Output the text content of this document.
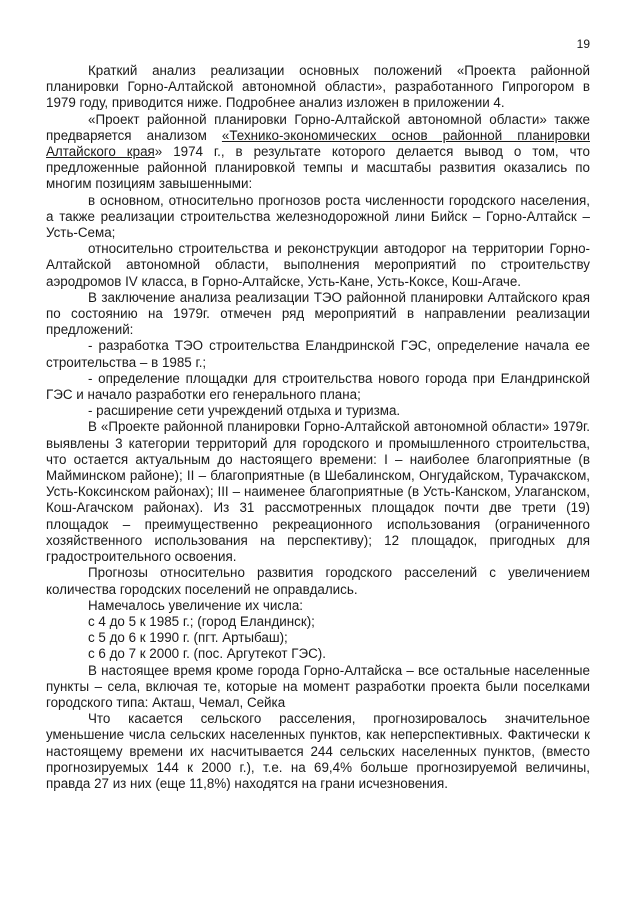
19

Краткий анализ реализации основных положений «Проекта районной планировки Горно-Алтайской автономной области», разработанного Гипрогором в 1979 году, приводится ниже. Подробнее анализ изложен в приложении 4.

«Проект районной планировки Горно-Алтайской автономной области» также предваряется анализом «Технико-экономических основ районной планировки Алтайского края» 1974 г., в результате которого делается вывод о том, что предложенные районной планировкой темпы и масштабы развития оказались по многим позициям завышенными:

в основном, относительно прогнозов роста численности городского населения, а также реализации строительства железнодорожной лини Бийск – Горно-Алтайск – Усть-Сема;

относительно строительства и реконструкции автодорог на территории Горно-Алтайской автономной области, выполнения мероприятий по строительству аэродромов IV класса, в Горно-Алтайске, Усть-Кане, Усть-Коксе, Кош-Агаче.

В заключение анализа реализации ТЭО районной планировки Алтайского края по состоянию на 1979г. отмечен ряд мероприятий в направлении реализации предложений:

- разработка ТЭО строительства Еландринской ГЭС, определение начала ее строительства – в 1985 г.;

- определение площадки для строительства нового города при Еландринской ГЭС и начало разработки его генерального плана;

- расширение сети учреждений отдыха и туризма.

В «Проекте районной планировки Горно-Алтайской автономной области» 1979г. выявлены 3 категории территорий для городского и промышленного строительства, что остается актуальным до настоящего времени: I – наиболее благоприятные (в Майминском районе); II – благоприятные (в Шебалинском, Онгудайском, Турачакском, Усть-Коксинском районах); III – наименее благоприятные (в Усть-Канском, Улаганском, Кош-Агачском районах). Из 31 рассмотренных площадок почти две трети (19) площадок – преимущественно рекреационного использования (ограниченного хозяйственного использования на перспективу); 12 площадок, пригодных для градостроительного освоения.

Прогнозы относительно развития городского расселений с увеличением количества городских поселений не оправдались.

Намечалось увеличение их числа:

с 4 до 5 к 1985 г.; (город Еландинск);

с 5 до 6 к 1990 г. (пгт. Артыбаш);

с 6 до 7 к 2000 г. (пос. Аргутекот ГЭС).

В настоящее время кроме города Горно-Алтайска – все остальные населенные пункты – села, включая те, которые на момент разработки проекта были поселками городского типа: Акташ, Чемал, Сейка

Что касается сельского расселения, прогнозировалось значительное уменьшение числа сельских населенных пунктов, как неперспективных. Фактически к настоящему времени их насчитывается 244 сельских населенных пунктов, (вместо прогнозируемых 144 к 2000 г.), т.е. на 69,4% больше прогнозируемой величины, правда 27 из них (еще 11,8%) находятся на грани исчезновения.
